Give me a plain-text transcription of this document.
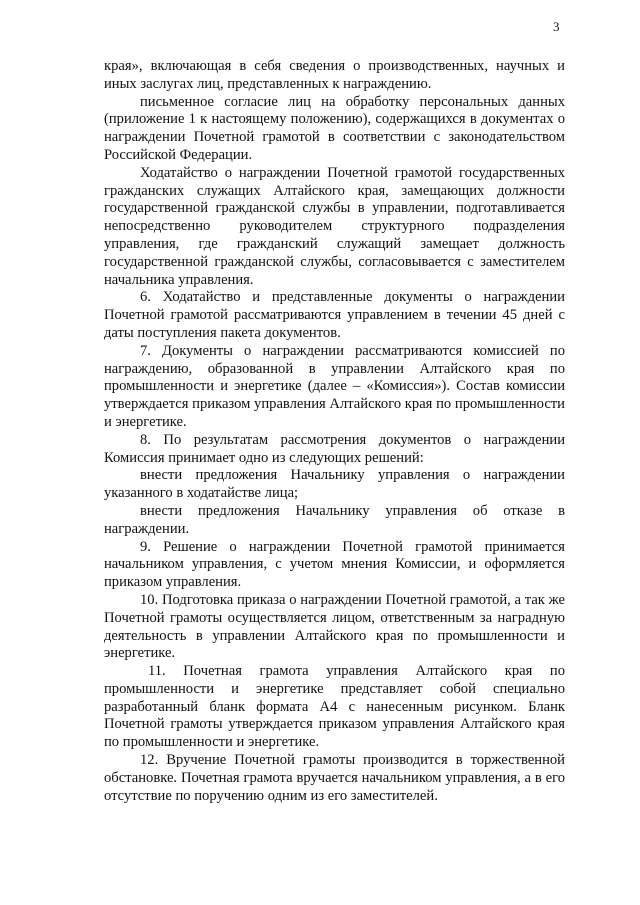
3

края», включающая в себя сведения о производственных, научных и иных заслугах лиц, представленных к награждению.

письменное согласие лиц на обработку персональных данных (приложение 1 к настоящему положению), содержащихся в документах о награждении Почетной грамотой в соответствии с законодательством Российской Федерации.

Ходатайство о награждении Почетной грамотой государственных гражданских служащих Алтайского края, замещающих должности государственной гражданской службы в управлении, подготавливается непосредственно руководителем структурного подразделения управления, где гражданский служащий замещает должность государственной гражданской службы, согласовывается с заместителем начальника управления.

6. Ходатайство и представленные документы о награждении Почетной грамотой рассматриваются управлением в течении 45 дней с даты поступления пакета документов.

7. Документы о награждении рассматриваются комиссией по награждению, образованной в управлении Алтайского края по промышленности и энергетике (далее – «Комиссия»). Состав комиссии утверждается приказом управления Алтайского края по промышленности и энергетике.

8. По результатам рассмотрения документов о награждении Комиссия принимает одно из следующих решений:

внести предложения Начальнику управления о награждении указанного в ходатайстве лица;

внести предложения Начальнику управления об отказе в награждении.

9. Решение о награждении Почетной грамотой принимается начальником управления, с учетом мнения Комиссии, и оформляется приказом управления.

10. Подготовка приказа о награждении Почетной грамотой, а так же Почетной грамоты осуществляется лицом, ответственным за наградную деятельность в управлении Алтайского края по промышленности и энергетике.

11. Почетная грамота управления Алтайского края по промышленности и энергетике представляет собой специально разработанный бланк формата А4 с нанесенным рисунком. Бланк Почетной грамоты утверждается приказом управления Алтайского края по промышленности и энергетике.

12. Вручение Почетной грамоты производится в торжественной обстановке. Почетная грамота вручается начальником управления, а в его отсутствие по поручению одним из его заместителей.
